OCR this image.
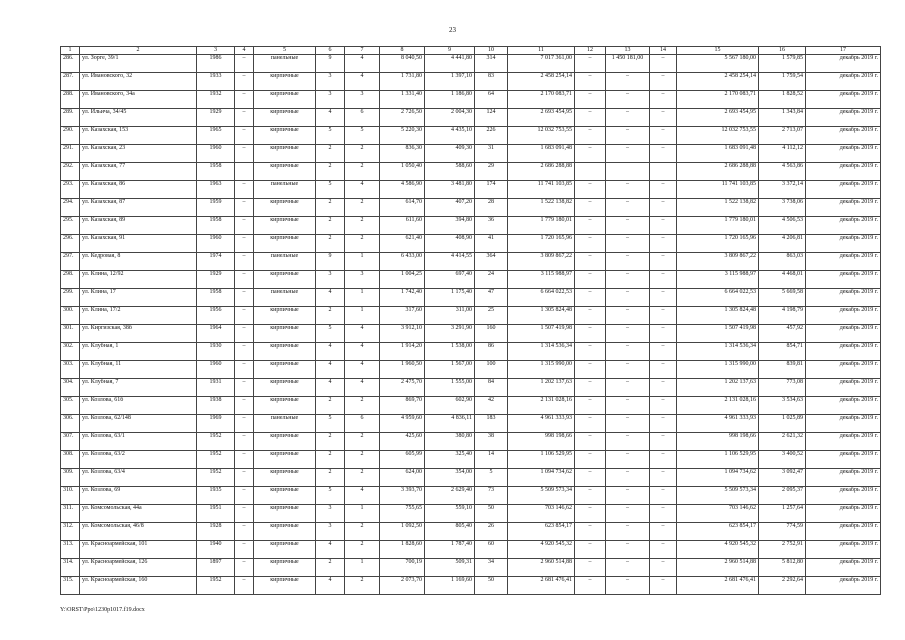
23
1	2	3	4	5	6	7	8	9	10	11	12	13	14	15	16	17
286.	ул. Зорге, 39/1	1986	–	панельные	9	4	8 040,50	4 441,80	314	7 017 361,00	–	1 450 181,00	–	5 567 180,00	1 579,85	декабрь 2019 г.
287.	ул. Ивановского, 32	1933	–	кирпичные	3	4	1 731,80	1 397,10	83	2 458 254,14	–	–	–	2 458 254,14	1 759,54	декабрь 2019 г.
288.	ул. Ивановского, 34а	1932	–	кирпичные	3	3	1 331,40	1 186,80	64	2 170 083,71	–	–	–	2 170 083,71	1 828,52	декабрь 2019 г.
289.	ул. Ильича, 34/45	1929	–	кирпичные	4	6	2 726,50	2 004,30	124	2 693 454,95	–	–	–	2 693 454,95	1 343,84	декабрь 2019 г.
290.	ул. Казахская, 153	1965	–	кирпичные	5	5	5 220,30	4 435,10	226	12 032 753,55	–	–	–	12 032 753,55	2 713,07	декабрь 2019 г.
291.	ул. Казахская, 23	1960	–	кирпичные	2	2	836,30	409,30	31	1 683 091,48	–	–	–	1 683 091,48	4 112,12	декабрь 2019 г.
292.	ул. Казахская, 77	1958		кирпичные	2	2	1 050,40	588,60	29	2 686 288,88				2 686 288,88	4 563,86	декабрь 2019 г.
293.	ул. Казахская, 86	1963	–	панельные	5	4	4 586,90	3 481,80	174	11 741 103,85	–	–	–	11 741 103,85	3 372,14	декабрь 2019 г.
294.	ул. Казахская, 87	1959	–	кирпичные	2	2	614,70	407,20	28	1 522 138,82	–	–	–	1 522 138,82	3 738,06	декабрь 2019 г.
295.	ул. Казахская, 89	1958	–	кирпичные	2	2	611,60	394,80	36	1 779 180,01	–	–	–	1 779 180,01	4 506,53	декабрь 2019 г.
296.	ул. Казахская, 91	1960	–	кирпичные	2	2	621,40	408,90	41	1 720 165,96	–	–	–	1 720 165,96	4 206,81	декабрь 2019 г.
297.	ул. Кедровая, 8	1974	–	панельные	9	1	6 433,00	4 414,55	364	3 809 867,22	–	–	–	3 809 867,22	863,03	декабрь 2019 г.
298.	ул. Клина, 12/92	1929	–	кирпичные	3	3	1 004,25	697,40	24	3 115 988,97	–	–	–	3 115 988,97	4 468,01	декабрь 2019 г.
299.	ул. Клина, 17	1958	–	панельные	4	1	1 742,40	1 175,40	47	6 664 022,53	–	–	–	6 664 022,53	5 669,58	декабрь 2019 г.
300.	ул. Клина, 17/2	1956	–	кирпичные	2	1	317,60	311,00	25	1 305 824,48	–	–	–	1 305 824,48	4 198,79	декабрь 2019 г.
301.	ул. Киргизская, 38б	1964	–	кирпичные	5	4	3 912,10	3 291,90	160	1 507 419,98	–	–	–	1 507 419,98	457,92	декабрь 2019 г.
302.	ул. Клубная, 1	1930	–	кирпичные	4	4	1 914,20	1 538,00	86	1 314 536,34	–	–	–	1 314 536,34	854,71	декабрь 2019 г.
303.	ул. Клубная, 11	1960	–	кирпичные	4	4	1 960,50	1 567,00	100	1 315 990,00	–	–	–	1 315 990,00	839,81	декабрь 2019 г.
304.	ул. Клубная, 7	1931	–	кирпичные	4	4	2 475,70	1 555,00	84	1 202 137,63	–	–	–	1 202 137,63	773,08	декабрь 2019 г.
305.	ул. Козлова, 61б	1938	–	кирпичные	2	2	869,70	602,90	42	2 131 028,16	–	–	–	2 131 028,16	3 534,63	декабрь 2019 г.
306.	ул. Козлова, 62/148	1969	–	панельные	5	6	4 959,60	4 836,11	183	4 961 333,93	–	–	–	4 961 333,93	1 025,89	декабрь 2019 г.
307.	ул. Козлова, 63/1	1952	–	кирпичные	2	2	425,60	380,80	38	998 198,66	–	–	–	998 198,66	2 621,32	декабрь 2019 г.
308.	ул. Козлова, 63/2	1952	–	кирпичные	2	2	605,99	325,40	14	1 106 529,95	–	–	–	1 106 529,95	3 400,52	декабрь 2019 г.
309.	ул. Козлова, 63/4	1952	–	кирпичные	2	2	624,00	354,00	5	1 094 734,62	–	–	–	1 094 734,62	3 092,47	декабрь 2019 г.
310.	ул. Козлова, 69	1935	–	кирпичные	5	4	3 393,70	2 629,40	73	5 509 573,34	–	–	–	5 509 573,34	2 095,37	декабрь 2019 г.
311.	ул. Комсомольская, 44а	1951	–	кирпичные	3	1	755,65	559,10	50	703 146,62	–	–	–	703 146,62	1 257,64	декабрь 2019 г.
312.	ул. Комсомольская, 46/8	1928	–	кирпичные	3	2	1 092,50	805,40	26	623 854,17	–	–	–	623 854,17	774,59	декабрь 2019 г.
313.	ул. Красноармейская, 101	1940	–	кирпичные	4	2	1 828,60	1 787,40	60	4 920 545,32	–	–	–	4 920 545,32	2 752,91	декабрь 2019 г.
314.	ул. Красноармейская, 126	1897	–	кирпичные	2	1	700,19	509,31	34	2 960 514,88	–	–	–	2 960 514,88	5 812,80	декабрь 2019 г.
315.	ул. Красноармейская, 160	1952	–	кирпичные	4	2	2 073,70	1 169,60	50	2 681 476,41	–	–	–	2 681 476,41	2 292,64	декабрь 2019 г.
Y:\ORST\Ppo\1230p1017.f19.docx
